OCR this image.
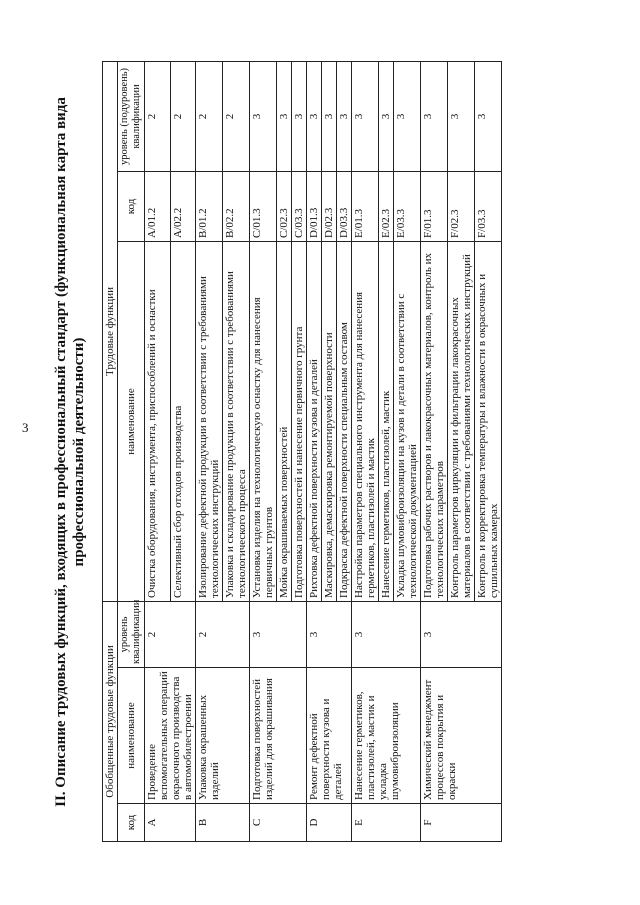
3 II. Описание трудовых функций, входящих в профессиональный стандарт (функциональная карта вида профессиональной деятельности)
Обобщенные трудовые функции			Трудовые функции		
код	наименование	уровень квалификации	наименование	код	уровень (подуровень) квалификации
A	Проведение вспомогательных операций окрасочного производства в автомобилестроении	2	Очистка оборудования, инструмента, приспособлений и оснастки	A/01.2	2
			Селективный сбор отходов производства	A/02.2	2
B	Упаковка окрашенных изделий	2	Изолирование дефектной продукции в соответствии с требованиями технологических инструкций	B/01.2	2
			Упаковка и складирование продукции в соответствии с требованиями технологического процесса	B/02.2	2
C	Подготовка поверхностей изделий для окрашивания	3	Установка изделия на технологическую оснастку для нанесения первичных грунтов	C/01.3	3
			Мойка окрашиваемых поверхностей	C/02.3	3
			Подготовка поверхностей и нанесение первичного грунта	C/03.3	3
D	Ремонт дефектной поверхности кузова и деталей	3	Рихтовка дефектной поверхности кузова и деталей	D/01.3	3
			Маскировка, демаскировка ремонтируемой поверхности	D/02.3	3
			Подкраска дефектной поверхности специальным составом	D/03.3	3
E	Нанесение герметиков, пластизолей, мастик и укладка шумовиброизоляции	3	Настройка параметров специального инструмента для нанесения герметиков, пластизолей и мастик	E/01.3	3
			Нанесение герметиков, пластизолей, мастик	E/02.3	3
			Укладка шумовиброизоляции на кузов и детали в соответствии с технологической документацией	E/03.3	3
F	Химический менеджмент процессов покрытия и окраски	3	Подготовка рабочих растворов и лакокрасочных материалов, контроль их технологических параметров	F/01.3	3
			Контроль параметров циркуляции и фильтрации лакокрасочных материалов в соответствии с требованиями технологических инструкций	F/02.3	3
			Контроль и корректировка температуры и влажности в окрасочных и сушильных камерах	F/03.3	3
